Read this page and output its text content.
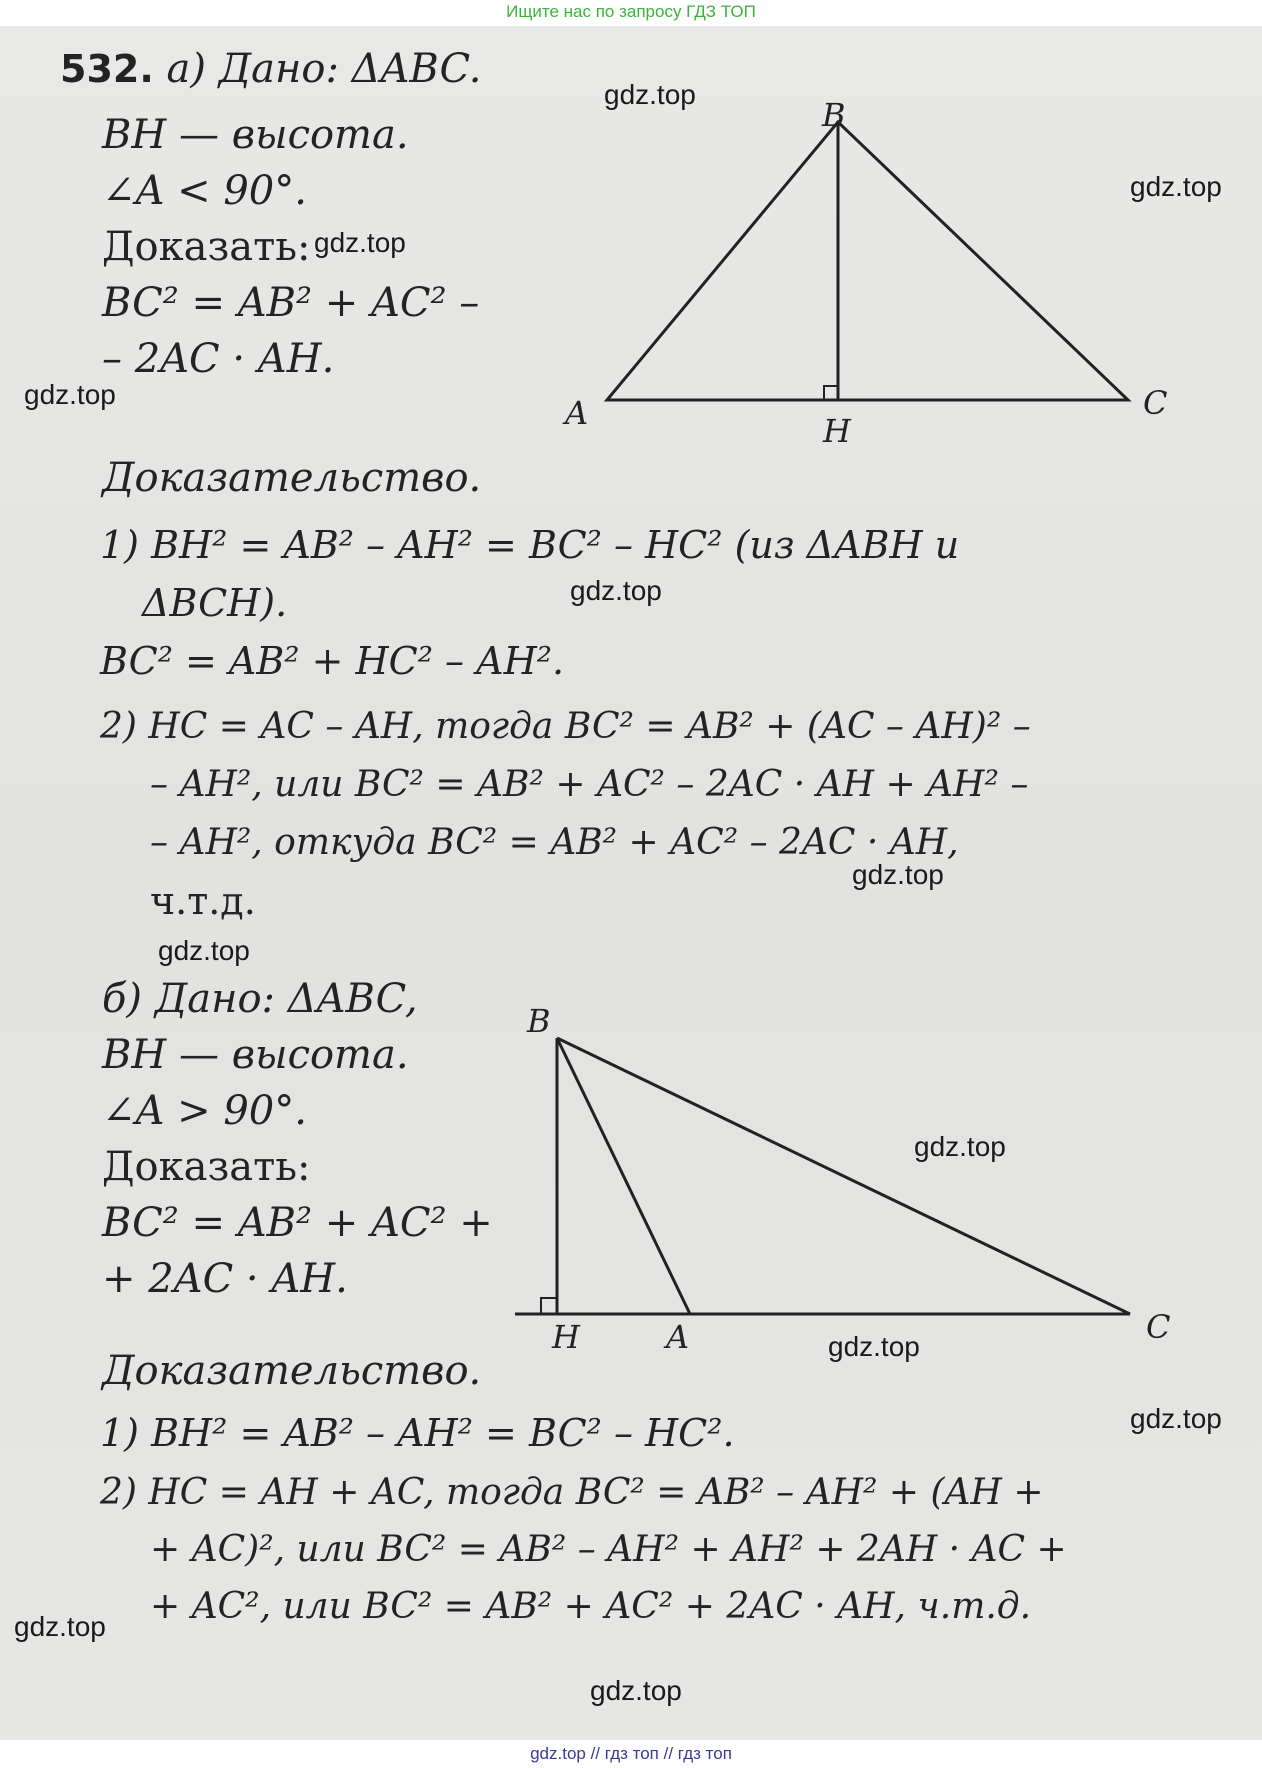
Ищите нас по запросу ГДЗ ТОП
B
A	H
C
B
H	A	C
532. а) Дано: ΔABC.
BH — высота.
∠A < 90°.
Доказать:
BC² = AB² + AC² –
– 2AC · AH.
Доказательство.
1) BH² = AB² – AH² = BC² – HC² (из ΔABH и
ΔBCH).
BC² = AB² + HC² – AH².
2) HC = AC – AH, тогда BC² = AB² + (AC – AH)² –
– AH², или BC² = AB² + AC² – 2AC · AH + AH² –
– AH², откуда BC² = AB² + AC² – 2AC · AH,
ч.т.д.
б) Дано: ΔABC,
BH — высота.
∠A > 90°.
Доказать:
BC² = AB² + AC² +
+ 2AC · AH.
Доказательство.
1) BH² = AB² – AH² = BC² – HC².
2) HC = AH + AC, тогда BC² = AB² – AH² + (AH +
+ AC)², или BC² = AB² – AH² + AH² + 2AH · AC +
+ AC², или BC² = AB² + AC² + 2AC · AH, ч.т.д.
gdz.top
gdz.top
gdz.top
gdz.top
gdz.top
gdz.top
gdz.top
gdz.top
gdz.top
gdz.top
gdz.top
gdz.top
gdz.top // гдз топ // гдз топ
